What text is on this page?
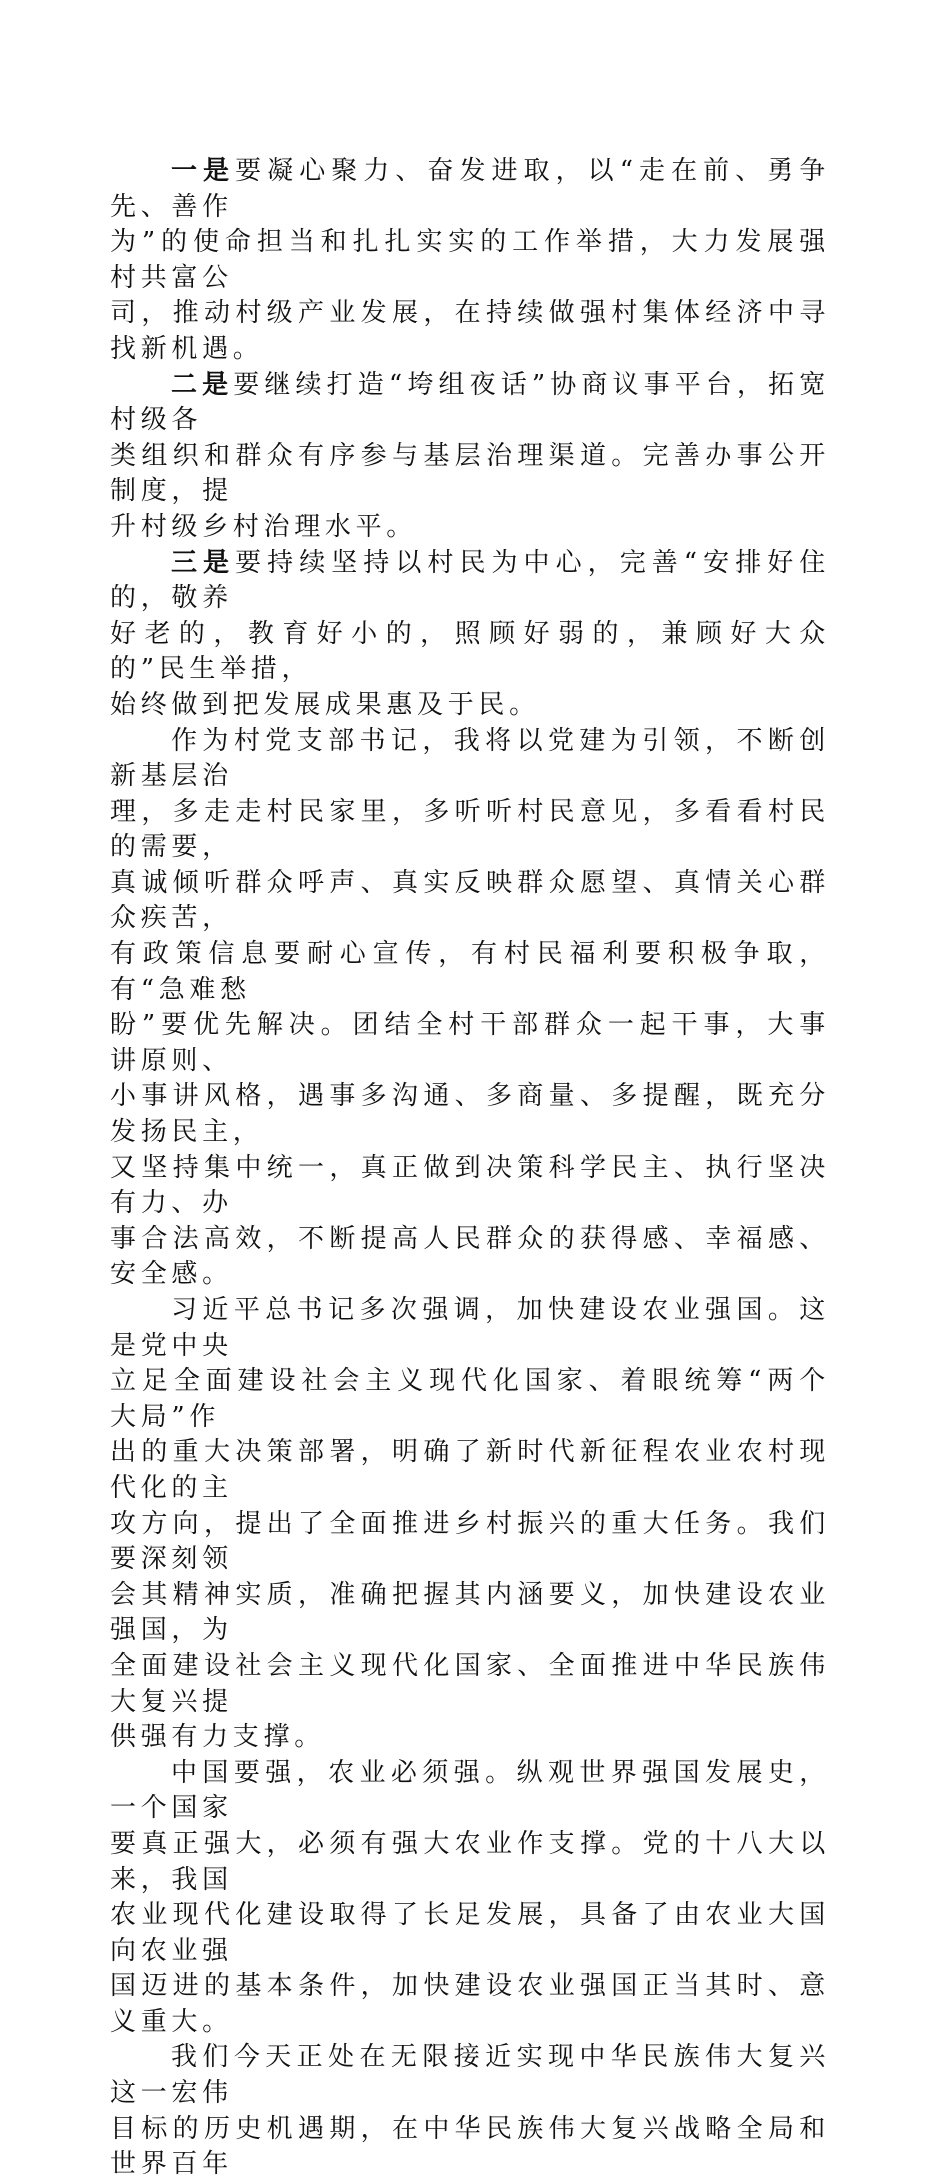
一是要凝心聚力、奋发进取，以“走在前、勇争先、善作
为”的使命担当和扎扎实实的工作举措，大力发展强村共富公
司，推动村级产业发展，在持续做强村集体经济中寻找新机遇。

二是要继续打造“垮组夜话”协商议事平台，拓宽村级各
类组织和群众有序参与基层治理渠道。完善办事公开制度，提
升村级乡村治理水平。

三是要持续坚持以村民为中心，完善“安排好住的，敬养
好老的，教育好小的，照顾好弱的，兼顾好大众的”民生举措，
始终做到把发展成果惠及于民。

作为村党支部书记，我将以党建为引领，不断创新基层治
理，多走走村民家里，多听听村民意见，多看看村民的需要，
真诚倾听群众呼声、真实反映群众愿望、真情关心群众疾苦，
有政策信息要耐心宣传，有村民福利要积极争取，有“急难愁
盼”要优先解决。团结全村干部群众一起干事，大事讲原则、
小事讲风格，遇事多沟通、多商量、多提醒，既充分发扬民主，
又坚持集中统一，真正做到决策科学民主、执行坚决有力、办
事合法高效，不断提高人民群众的获得感、幸福感、安全感。

习近平总书记多次强调，加快建设农业强国。这是党中央
立足全面建设社会主义现代化国家、着眼统筹“两个大局”作
出的重大决策部署，明确了新时代新征程农业农村现代化的主
攻方向，提出了全面推进乡村振兴的重大任务。我们要深刻领
会其精神实质，准确把握其内涵要义，加快建设农业强国，为
全面建设社会主义现代化国家、全面推进中华民族伟大复兴提
供强有力支撑。

中国要强，农业必须强。纵观世界强国发展史，一个国家
要真正强大，必须有强大农业作支撑。党的十八大以来，我国
农业现代化建设取得了长足发展，具备了由农业大国向农业强
国迈进的基本条件，加快建设农业强国正当其时、意义重大。

我们今天正处在无限接近实现中华民族伟大复兴这一宏伟
目标的历史机遇期，在中华民族伟大复兴战略全局和世界百年
